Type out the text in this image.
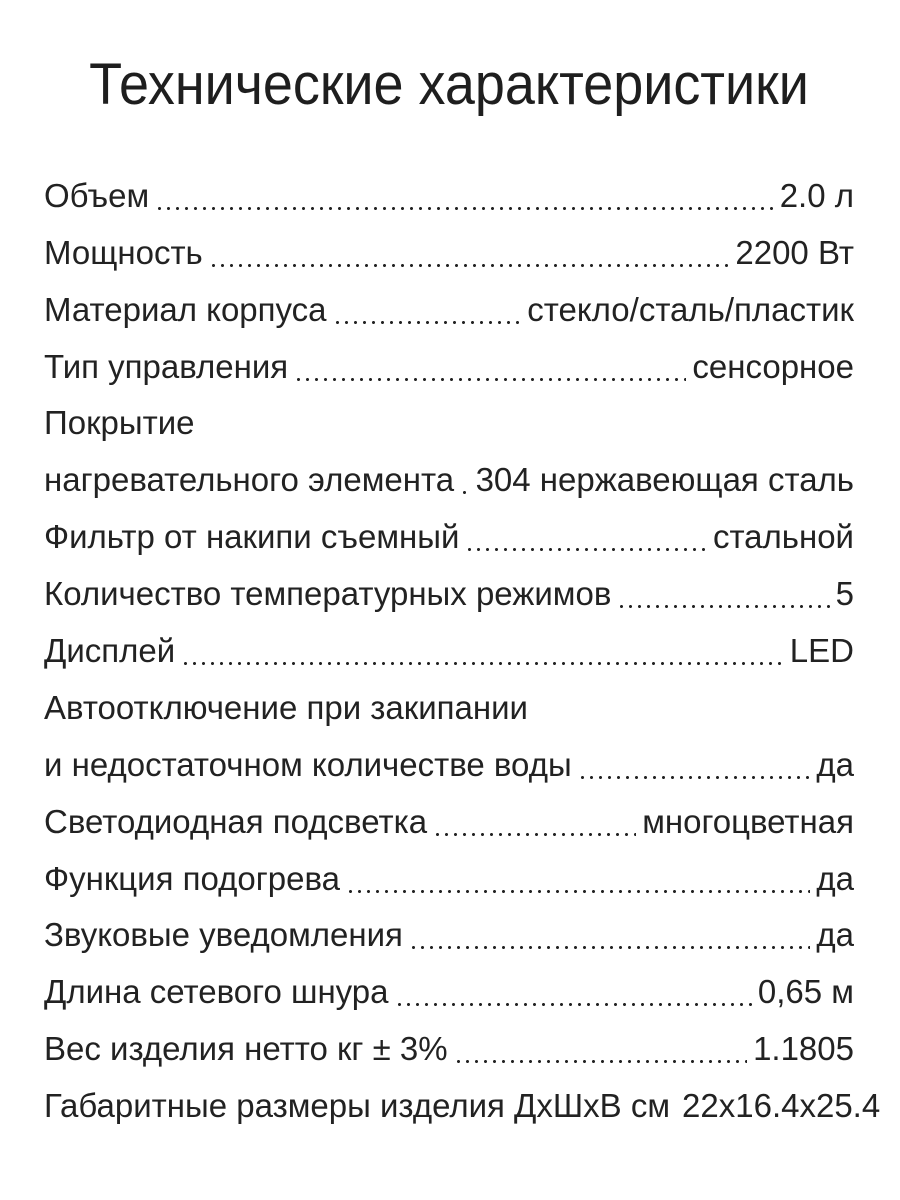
Технические характеристики
Объем	2.0 л
Мощность	2200 Вт
Материал корпуса	стекло/сталь/пластик
Тип управления	сенсорное
Покрытие
нагревательного элемента 304 нержавеющая сталь
Фильтр от накипи съемный	стальной
Количество температурных режимов	5
Дисплей	LED
Автоотключение при закипании
и недостаточном количестве воды	да
Светодиодная подсветка	многоцветная
Функция подогрева	да
Звуковые уведомления	да
Длина сетевого шнура	0,65 м
Вес изделия нетто кг ± 3%	1.1805
Габаритные размеры изделия ДхШхВ см 22x16.4x25.4
